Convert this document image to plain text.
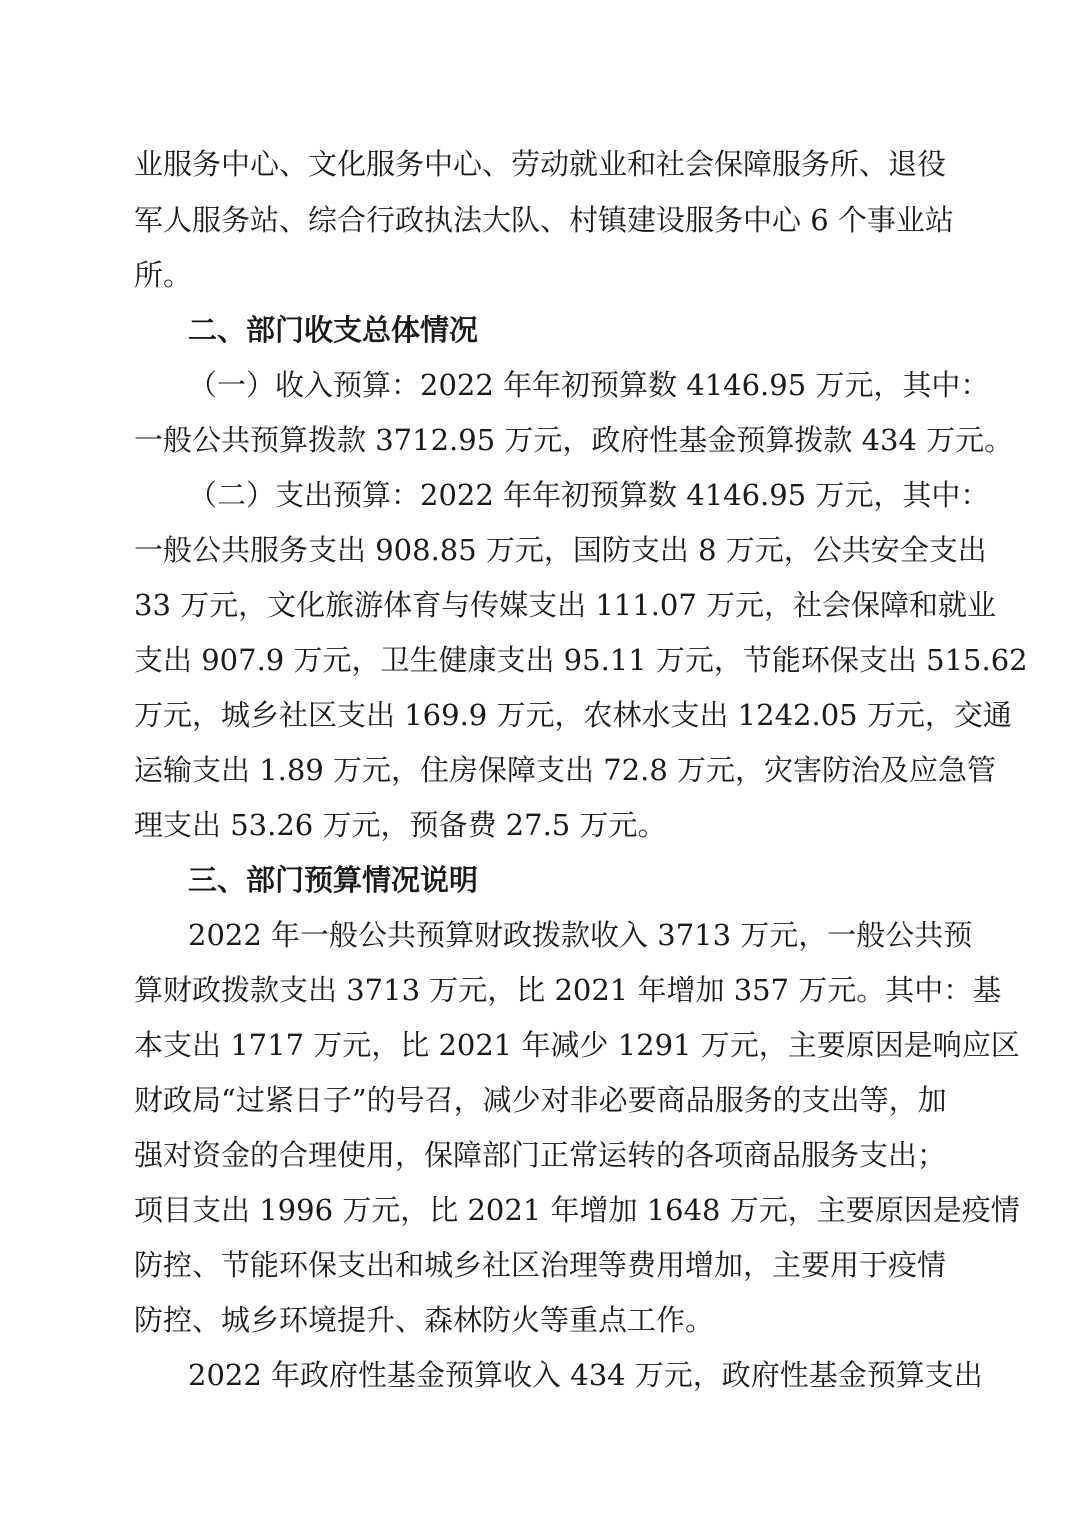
业服务中心、文化服务中心、劳动就业和社会保障服务所、退役
军人服务站、综合行政执法大队、村镇建设服务中心 6 个事业站
所。
二、部门收支总体情况
（一）收入预算：2022 年年初预算数 4146.95 万元，其中：
一般公共预算拨款 3712.95 万元，政府性基金预算拨款 434 万元。
（二）支出预算：2022 年年初预算数 4146.95 万元，其中：
一般公共服务支出 908.85 万元，国防支出 8 万元，公共安全支出
33 万元，文化旅游体育与传媒支出 111.07 万元，社会保障和就业
支出 907.9 万元，卫生健康支出 95.11 万元，节能环保支出 515.62
万元，城乡社区支出 169.9 万元，农林水支出 1242.05 万元，交通
运输支出 1.89 万元，住房保障支出 72.8 万元，灾害防治及应急管
理支出 53.26 万元，预备费 27.5 万元。
三、部门预算情况说明
2022 年一般公共预算财政拨款收入 3713 万元，一般公共预
算财政拨款支出 3713 万元，比 2021 年增加 357 万元。其中：基
本支出 1717 万元，比 2021 年减少 1291 万元，主要原因是响应区
财政局“过紧日子”的号召，减少对非必要商品服务的支出等，加
强对资金的合理使用，保障部门正常运转的各项商品服务支出；
项目支出 1996 万元，比 2021 年增加 1648 万元，主要原因是疫情
防控、节能环保支出和城乡社区治理等费用增加，主要用于疫情
防控、城乡环境提升、森林防火等重点工作。
2022 年政府性基金预算收入 434 万元，政府性基金预算支出
